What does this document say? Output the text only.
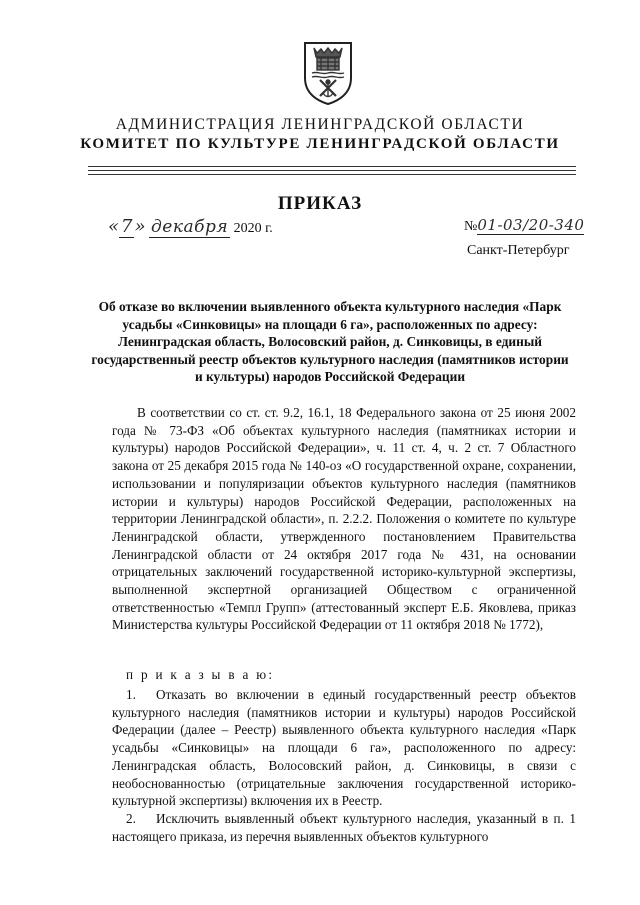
АДМИНИСТРАЦИЯ ЛЕНИНГРАДСКОЙ ОБЛАСТИ
КОМИТЕТ ПО КУЛЬТУРЕ ЛЕНИНГРАДСКОЙ ОБЛАСТИ
ПРИКАЗ
« 7 » декабря 2020 г.	№01-03/20-340
Санкт-Петербург
Об отказе во включении выявленного объекта культурного наследия «Парк усадьбы «Синковицы» на площади 6 га», расположенных по адресу: Ленинградская область, Волосовский район, д. Синковицы, в единый государственный реестр объектов культурного наследия (памятников истории и культуры) народов Российской Федерации
В соответствии со ст. ст. 9.2, 16.1, 18 Федерального закона от 25 июня 2002 года № 73-ФЗ «Об объектах культурного наследия (памятниках истории и культуры) народов Российской Федерации», ч. 11 ст. 4, ч. 2 ст. 7 Областного закона от 25 декабря 2015 года № 140-оз «О государственной охране, сохранении, использовании и популяризации объектов культурного наследия (памятников истории и культуры) народов Российской Федерации, расположенных на территории Ленинградской области», п. 2.2.2. Положения о комитете по культуре Ленинградской области, утвержденного постановлением Правительства Ленинградской области от 24 октября 2017 года № 431, на основании отрицательных заключений государственной историко-культурной экспертизы, выполненной экспертной организацией Обществом с ограниченной ответственностью «Темпл Групп» (аттестованный эксперт Е.Б. Яковлева, приказ Министерства культуры Российской Федерации от 11 октября 2018 № 1772),
п р и к а з ы в а ю:
1. Отказать во включении в единый государственный реестр объектов культурного наследия (памятников истории и культуры) народов Российской Федерации (далее – Реестр) выявленного объекта культурного наследия «Парк усадьбы «Синковицы» на площади 6 га», расположенного по адресу: Ленинградская область, Волосовский район, д. Синковицы, в связи с необоснованностью (отрицательные заключения государственной историко-культурной экспертизы) включения их в Реестр.
2. Исключить выявленный объект культурного наследия, указанный в п. 1 настоящего приказа, из перечня выявленных объектов культурного
